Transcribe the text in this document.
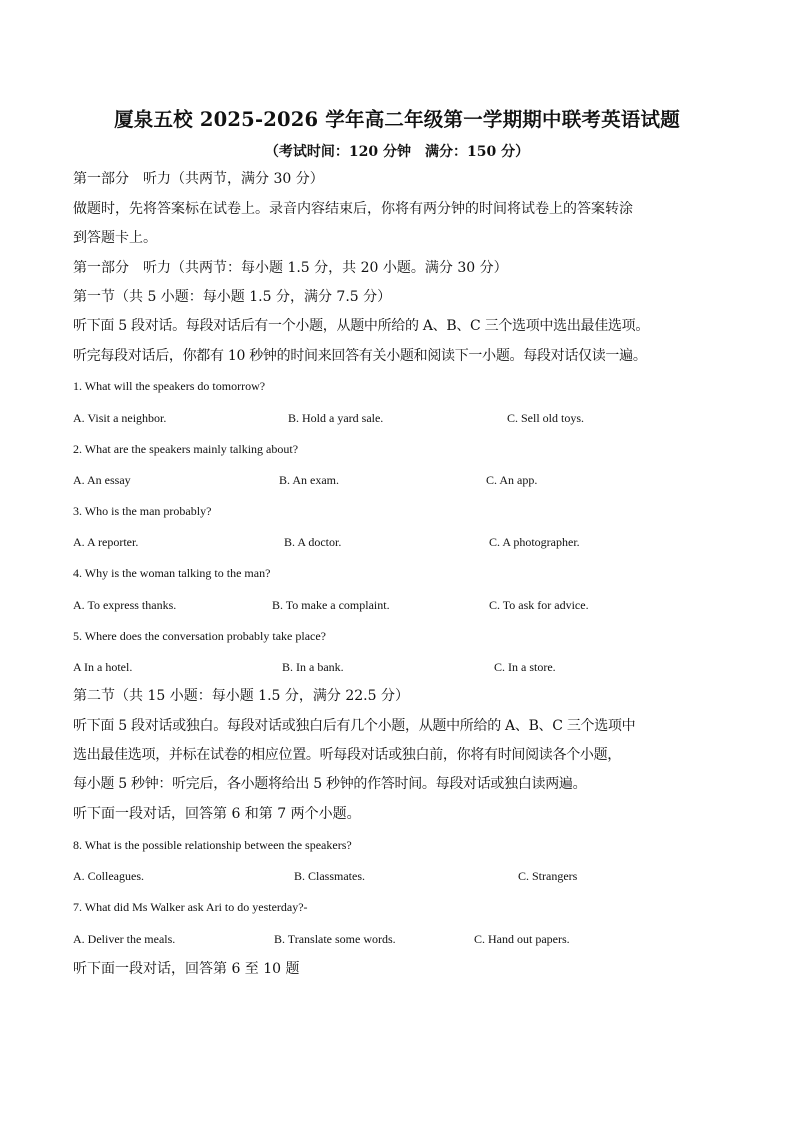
厦泉五校 2025-2026 学年高二年级第一学期期中联考英语试题
（考试时间：120 分钟　满分：150 分）
第一部分　听力（共两节，满分 30 分）
做题时，先将答案标在试卷上。录音内容结束后，你将有两分钟的时间将试卷上的答案转涂
到答题卡上。
第一部分　听力（共两节：每小题 1.5 分，共 20 小题。满分 30 分）
第一节（共 5 小题：每小题 1.5 分，满分 7.5 分）
听下面 5 段对话。每段对话后有一个小题，从题中所给的 A、B、C 三个选项中选出最佳选项。
听完每段对话后，你都有 10 秒钟的时间来回答有关小题和阅读下一小题。每段对话仅读一遍。
1. What will the speakers do tomorrow?
A. Visit a neighbor.	B. Hold a yard sale.	C. Sell old toys.
2. What are the speakers mainly talking about?
A. An essay	B. An exam.	C. An app.
3. Who is the man probably?
A. A reporter.	B. A doctor.	C. A photographer.
4. Why is the woman talking to the man?
A. To express thanks.	B. To make a complaint.	C. To ask for advice.
5. Where does the conversation probably take place?
A In a hotel.	B. In a bank.	C. In a store.
第二节（共 15 小题：每小题 1.5 分，满分 22.5 分）
听下面 5 段对话或独白。每段对话或独白后有几个小题，从题中所给的 A、B、C 三个选项中
选出最佳选项，并标在试卷的相应位置。听每段对话或独白前，你将有时间阅读各个小题，
每小题 5 秒钟：听完后，各小题将给出 5 秒钟的作答时间。每段对话或独白读两遍。
听下面一段对话，回答第 6 和第 7 两个小题。
8. What is the possible relationship between the speakers?
A. Colleagues.	B. Classmates.	C. Strangers
7. What did Ms Walker ask Ari to do yesterday?-
A. Deliver the meals.	B. Translate some words.	C. Hand out papers.
听下面一段对话，回答第 6 至 10 题
